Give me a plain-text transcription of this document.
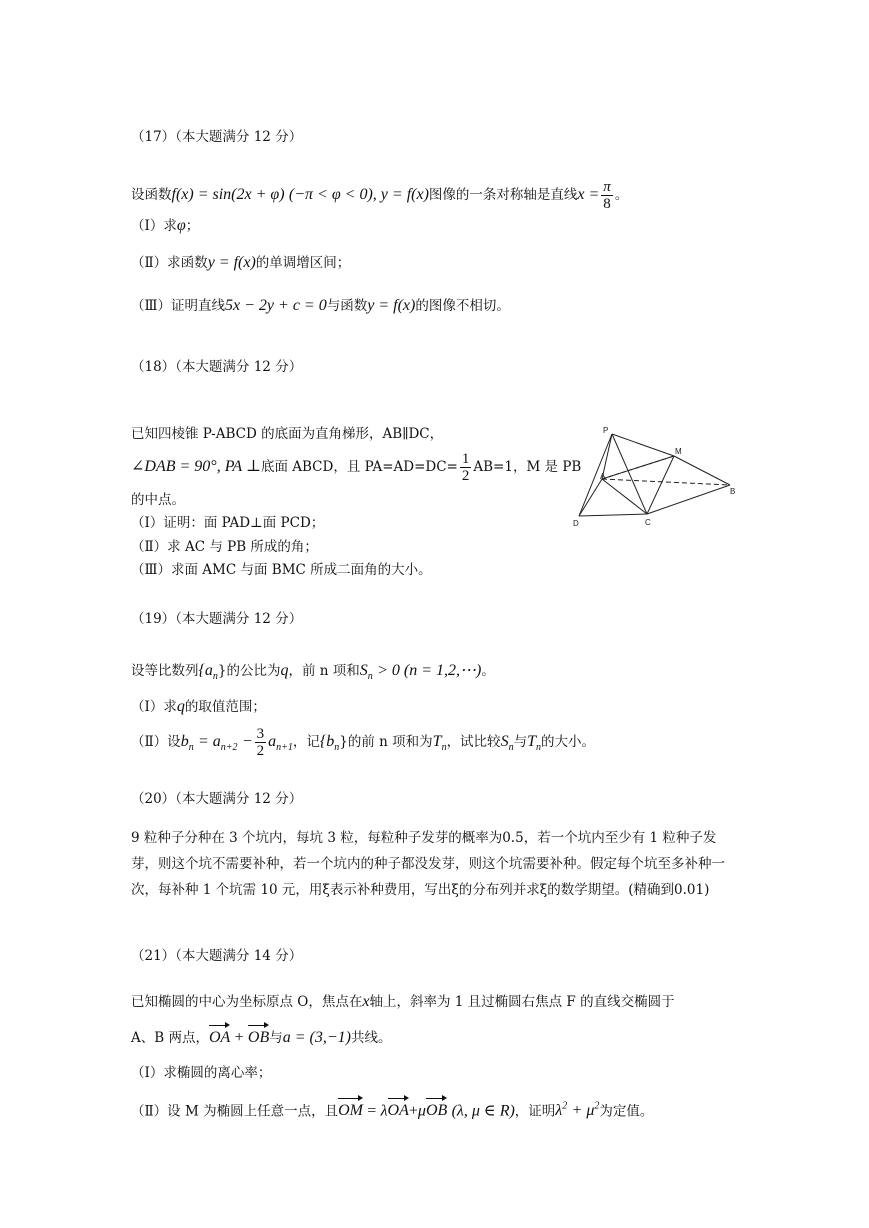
（17）（本大题满分 12 分）
设函数f(x) = sin(2x + φ) (−π < φ < 0), y = f(x)图像的一条对称轴是直线$x = \frac{\pi}{8}$ 。
（Ⅰ）求φ；
（Ⅱ）求函数y = f(x)的单调增区间；
（Ⅲ）证明直线5x − 2y + c = 0与函数y = f(x)的图像不相切。
（18）（本大题满分 12 分）
已知四棱锥 P-ABCD 的底面为直角梯形，AB∥DC，
∠DAB = 90°, PA ⊥底面 ABCD，且 $PA=AD=DC= \frac{1}{2} AB=1$，M 是 PB
的中点。
（Ⅰ）证明：面 PAD⊥面 PCD；
（Ⅱ）求 AC 与 PB 所成的角；
（Ⅲ）求面 AMC 与面 BMC 所成二面角的大小。
P
M
A
B
D	C
（19）（本大题满分 12 分）
设等比数列$\{a_n\}$的公比为q，前 n 项和$S_n > 0$ (n = 1,2,⋯)。
（Ⅰ）求q的取值范围；
（Ⅱ）设$b_n = a_{n+2} - \frac{3}{2} a_{n+1}$，记$\{b_n\}$的前 n 项和为$T_n$，试比较$S_n$与$T_n$的大小。
（20）（本大题满分 12 分）
9 粒种子分种在 3 个坑内，每坑 3 粒，每粒种子发芽的概率为0.5，若一个坑内至少有 1 粒种子发芽，则这个坑不需要补种，若一个坑内的种子都没发芽，则这个坑需要补种。假定每个坑至多补种一次，每补种 1 个坑需 10 元，用ξ表示补种费用，写出ξ的分布列并求ξ的数学期望。(精确到0.01)
（21）（本大题满分 14 分）
已知椭圆的中心为坐标原点 O，焦点在x轴上，斜率为 1 且过椭圆右焦点 F 的直线交椭圆于
A、B 两点，OA + OB与a = (3,−1)共线。
（Ⅰ）求椭圆的离心率；
（Ⅱ）设 M 为椭圆上任意一点，且OM = λOA+μOB (λ, μ ∈ R)，证明$\lambda^2 + \mu^2$为定值。
